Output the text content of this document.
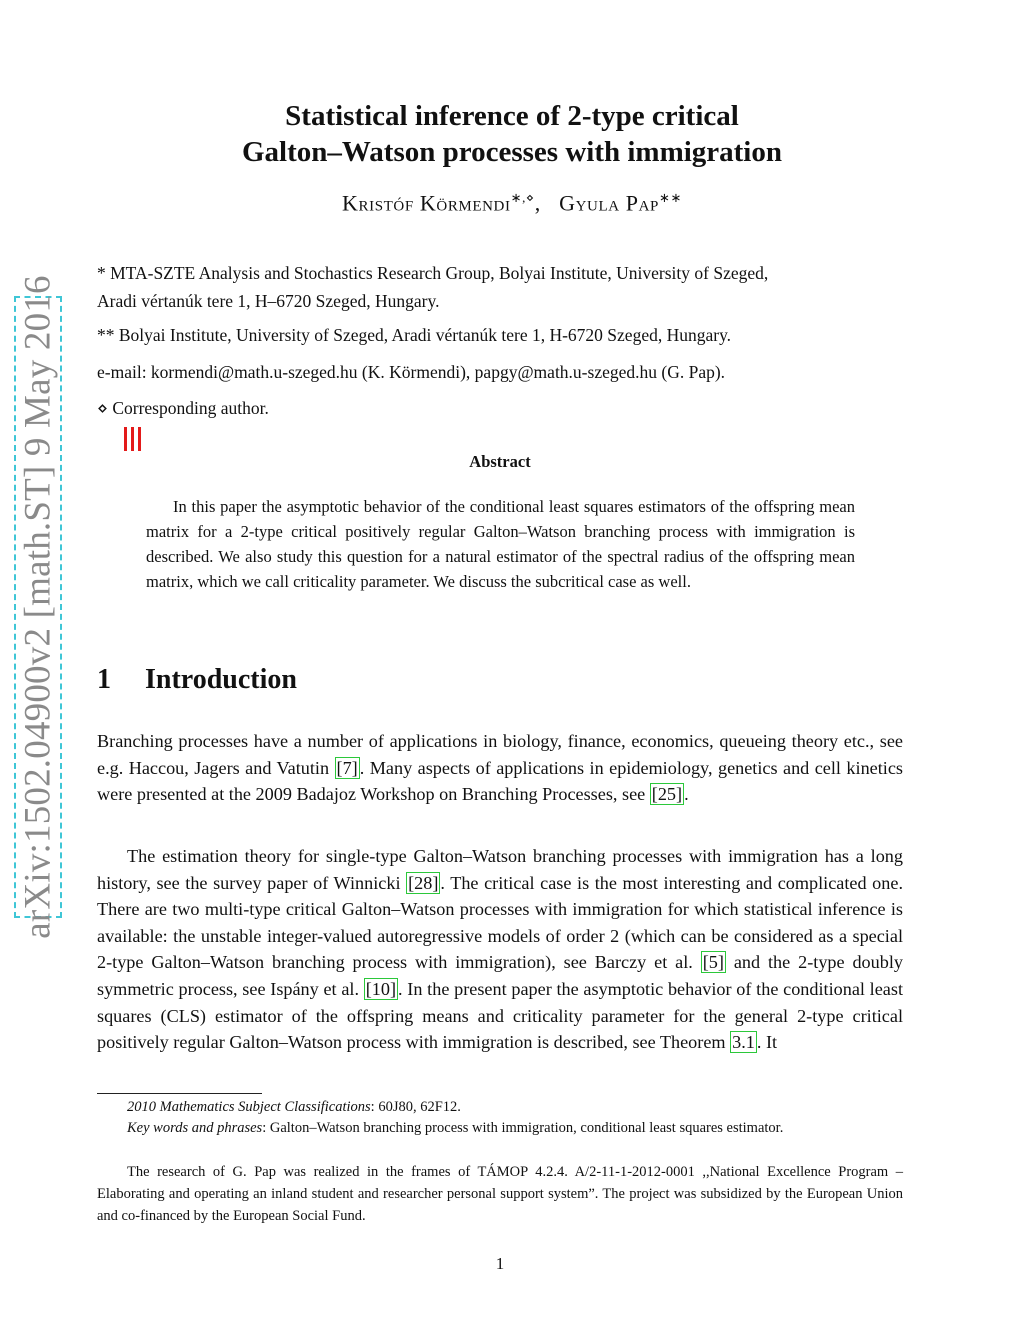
arXiv:1502.04900v2 [math.ST] 9 May 2016
Statistical inference of 2-type critical
Galton–Watson processes with immigration
Kristóf Körmendi∗,⋄, Gyula Pap∗∗

* MTA-SZTE Analysis and Stochastics Research Group, Bolyai Institute, University of Szeged,
Aradi vértanúk tere 1, H–6720 Szeged, Hungary.

** Bolyai Institute, University of Szeged, Aradi vértanúk tere 1, H-6720 Szeged, Hungary.

e-mail: kormendi@math.u-szeged.hu (K. Körmendi), papgy@math.u-szeged.hu (G. Pap).

⋄ Corresponding author.

Abstract

In this paper the asymptotic behavior of the conditional least squares estimators of the offspring mean matrix for a 2-type critical positively regular Galton–Watson branching process with immigration is described. We also study this question for a natural estimator of the spectral radius of the offspring mean matrix, which we call criticality parameter. We discuss the subcritical case as well.

1 Introduction

Branching processes have a number of applications in biology, finance, economics, queueing theory etc., see e.g. Haccou, Jagers and Vatutin [7] . Many aspects of applications in epidemiology, genetics and cell kinetics were presented at the 2009 Badajoz Workshop on Branching Processes, see [25] .

The estimation theory for single-type Galton–Watson branching processes with immigration has a long history, see the survey paper of Winnicki [28] . The critical case is the most interesting and complicated one. There are two multi-type critical Galton–Watson processes with immigration for which statistical inference is available: the unstable integer-valued autoregressive models of order 2 (which can be considered as a special 2-type Galton–Watson branching process with immigration), see Barczy et al. [5] and the 2-type doubly symmetric process, see Ispány et al. [10] . In the present paper the asymptotic behavior of the conditional least squares (CLS) estimator of the offspring means and criticality parameter for the general 2-type critical positively regular Galton–Watson process with immigration is described, see Theorem 3.1 . It

2010 Mathematics Subject Classifications: 60J80, 62F12.

Key words and phrases: Galton–Watson branching process with immigration, conditional least squares estimator.

The research of G. Pap was realized in the frames of TÁMOP 4.2.4. A/2-11-1-2012-0001 ,,National Excellence Program – Elaborating and operating an inland student and researcher personal support system”. The project was subsidized by the European Union and co-financed by the European Social Fund.

1
